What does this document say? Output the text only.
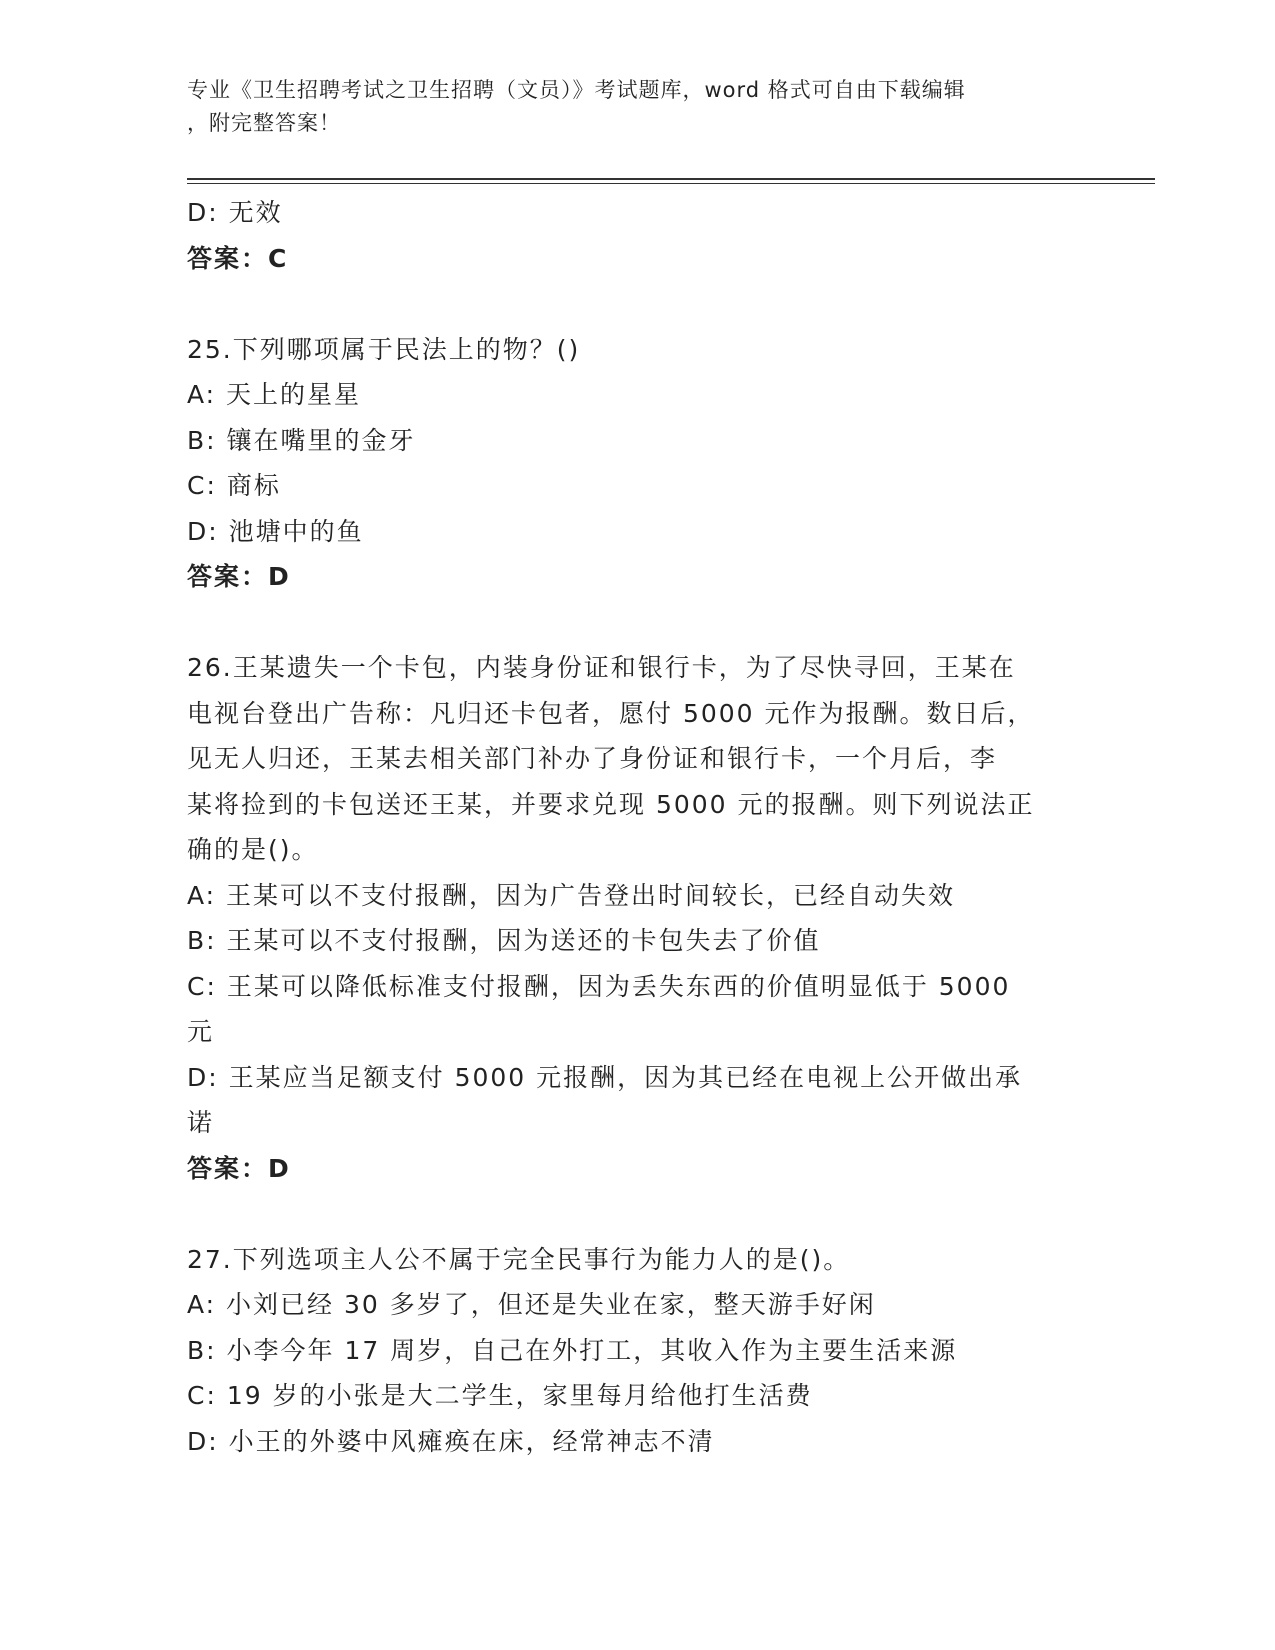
专业《卫生招聘考试之卫生招聘（文员）》考试题库，word 格式可自由下载编辑
，附完整答案！
D: 无效
答案：C
25.下列哪项属于民法上的物？()
A: 天上的星星
B: 镶在嘴里的金牙
C: 商标
D: 池塘中的鱼
答案：D
26.王某遗失一个卡包，内装身份证和银行卡，为了尽快寻回，王某在
电视台登出广告称：凡归还卡包者，愿付 5000 元作为报酬。数日后，
见无人归还，王某去相关部门补办了身份证和银行卡，一个月后，李
某将捡到的卡包送还王某，并要求兑现 5000 元的报酬。则下列说法正
确的是()。
A: 王某可以不支付报酬，因为广告登出时间较长，已经自动失效
B: 王某可以不支付报酬，因为送还的卡包失去了价值
C: 王某可以降低标准支付报酬，因为丢失东西的价值明显低于 5000
元
D: 王某应当足额支付 5000 元报酬，因为其已经在电视上公开做出承
诺
答案：D
27.下列选项主人公不属于完全民事行为能力人的是()。
A: 小刘已经 30 多岁了，但还是失业在家，整天游手好闲
B: 小李今年 17 周岁，自己在外打工，其收入作为主要生活来源
C: 19 岁的小张是大二学生，家里每月给他打生活费
D: 小王的外婆中风瘫痪在床，经常神志不清
